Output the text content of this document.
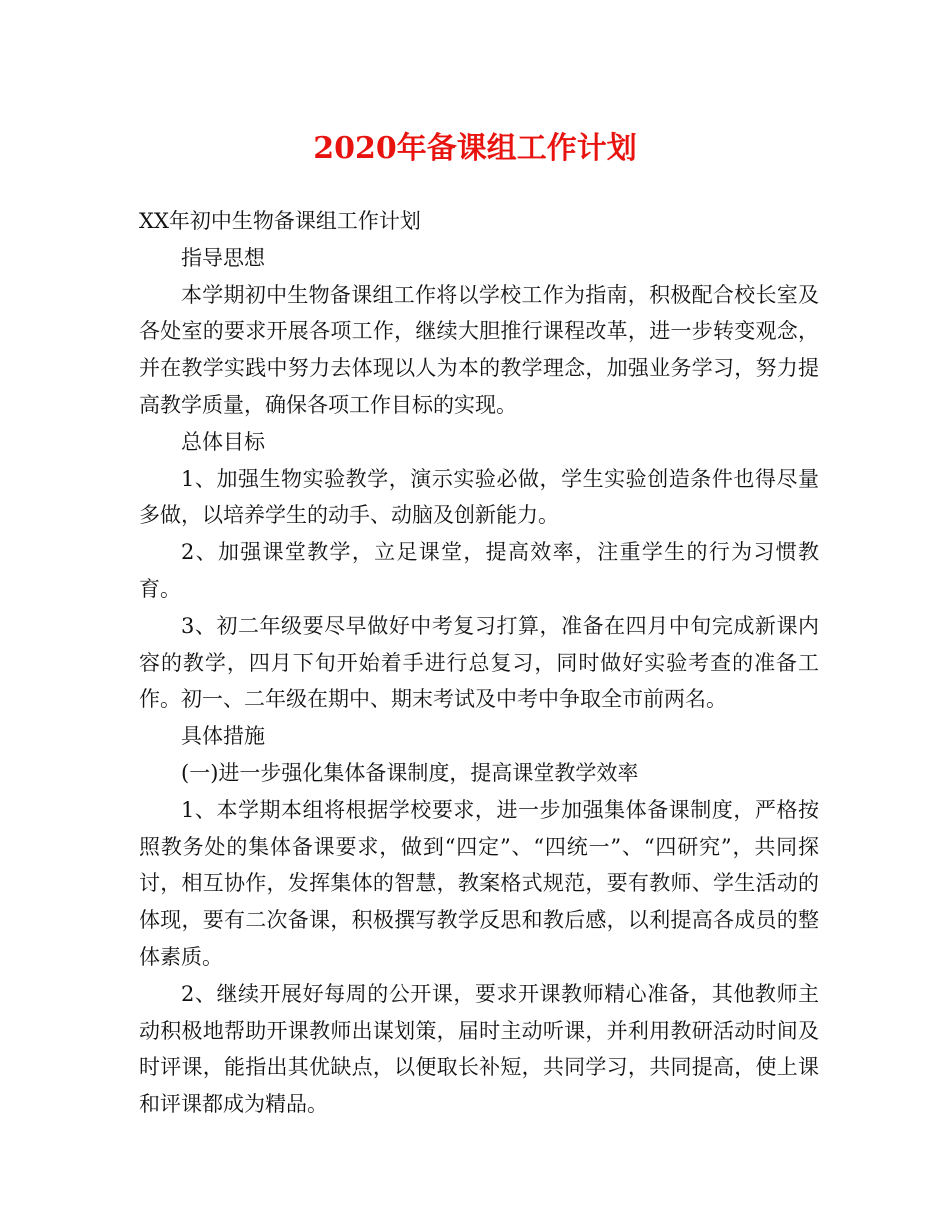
2020年备课组工作计划

XX年初中生物备课组工作计划

指导思想

本学期初中生物备课组工作将以学校工作为指南，积极配合校长室及各处室的要求开展各项工作，继续大胆推行课程改革，进一步转变观念，并在教学实践中努力去体现以人为本的教学理念，加强业务学习，努力提高教学质量，确保各项工作目标的实现。

总体目标

1、加强生物实验教学，演示实验必做，学生实验创造条件也得尽量多做，以培养学生的动手、动脑及创新能力。

2、加强课堂教学，立足课堂，提高效率，注重学生的行为习惯教育。

3、初二年级要尽早做好中考复习打算，准备在四月中旬完成新课内容的教学，四月下旬开始着手进行总复习，同时做好实验考查的准备工作。初一、二年级在期中、期末考试及中考中争取全市前两名。

具体措施

(一)进一步强化集体备课制度，提高课堂教学效率

1、本学期本组将根据学校要求，进一步加强集体备课制度，严格按照教务处的集体备课要求，做到“四定”、“四统一”、“四研究”，共同探讨，相互协作，发挥集体的智慧，教案格式规范，要有教师、学生活动的体现，要有二次备课，积极撰写教学反思和教后感，以利提高各成员的整体素质。

2、继续开展好每周的公开课，要求开课教师精心准备，其他教师主动积极地帮助开课教师出谋划策，届时主动听课，并利用教研活动时间及时评课，能指出其优缺点，以便取长补短，共同学习，共同提高，使上课和评课都成为精品。
